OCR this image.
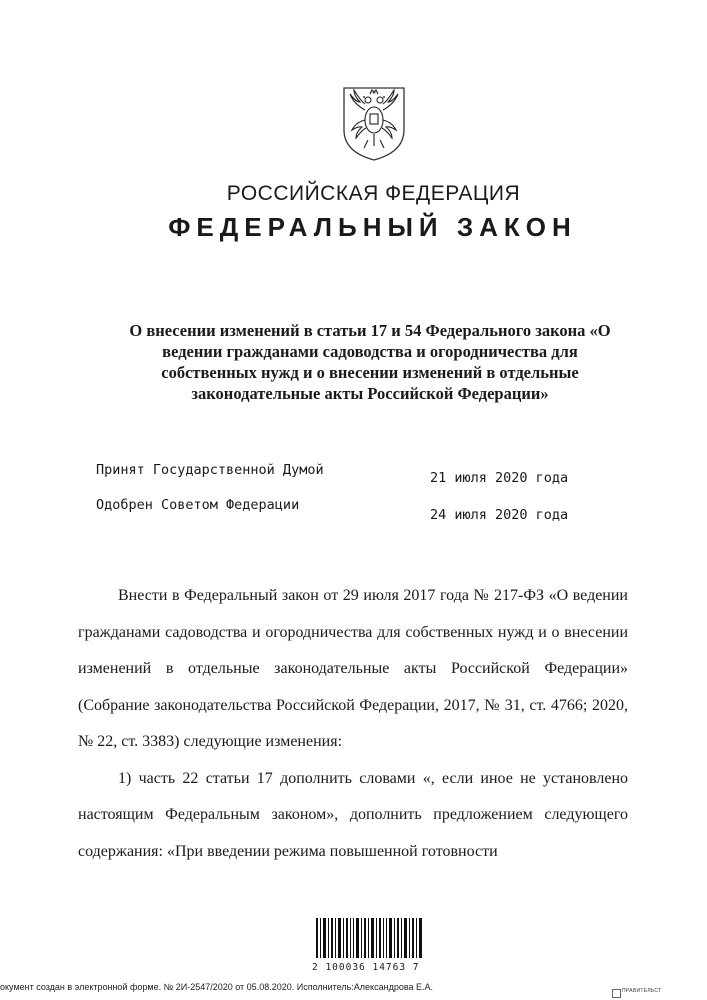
РОССИЙСКАЯ ФЕДЕРАЦИЯ
ФЕДЕРАЛЬНЫЙ ЗАКОН
О внесении изменений в статьи 17 и 54 Федерального закона «О ведении гражданами садоводства и огородничества для собственных нужд и о внесении изменений в отдельные законодательные акты Российской Федерации»
Принят Государственной Думой	21 июля 2020 года
Одобрен Советом Федерации
24 июля 2020 года

Внести в Федеральный закон от 29 июля 2017 года № 217-ФЗ «О ведении гражданами садоводства и огородничества для собственных нужд и о внесении изменений в отдельные законодательные акты Российской Федерации» (Собрание законодательства Российской Федерации, 2017, № 31, ст. 4766; 2020, № 22, ст. 3383) следующие изменения:

1) часть 22 статьи 17 дополнить словами «, если иное не установлено настоящим Федеральным законом», дополнить предложением следующего содержания: «При введении режима повышенной готовности

2 100036 14763 7
окумент создан в электронной форме. № 2И-2547/2020 от 05.08.2020. Исполнитель:Александрова Е.А.	ПРАВИТЕЛЬСТ
